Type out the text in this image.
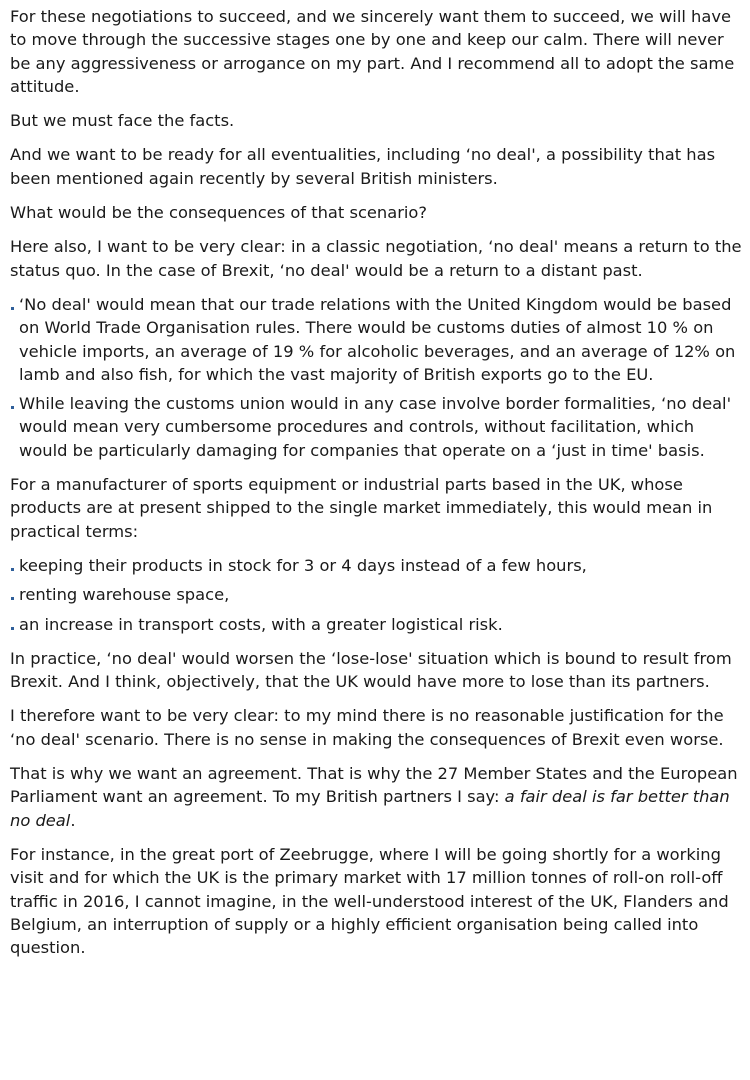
For these negotiations to succeed, and we sincerely want them to succeed, we will have to move through the successive stages one by one and keep our calm. There will never be any aggressiveness or arrogance on my part. And I recommend all to adopt the same attitude.

But we must face the facts.

And we want to be ready for all eventualities, including ‘no deal', a possibility that has been mentioned again recently by several British ministers.

What would be the consequences of that scenario?

Here also, I want to be very clear: in a classic negotiation, ‘no deal' means a return to the status quo. In the case of Brexit, ‘no deal' would be a return to a distant past.

‘No deal' would mean that our trade relations with the United Kingdom would be based on World Trade Organisation rules. There would be customs duties of almost 10 % on vehicle imports, an average of 19 % for alcoholic beverages, and an average of 12% on lamb and also fish, for which the vast majority of British exports go to the EU.
While leaving the customs union would in any case involve border formalities, ‘no deal' would mean very cumbersome procedures and controls, without facilitation, which would be particularly damaging for companies that operate on a ‘just in time' basis.

For a manufacturer of sports equipment or industrial parts based in the UK, whose products are at present shipped to the single market immediately, this would mean in practical terms:

keeping their products in stock for 3 or 4 days instead of a few hours,
renting warehouse space,
an increase in transport costs, with a greater logistical risk.

In practice, ‘no deal' would worsen the ‘lose-lose' situation which is bound to result from Brexit. And I think, objectively, that the UK would have more to lose than its partners.

I therefore want to be very clear: to my mind there is no reasonable justification for the ‘no deal' scenario. There is no sense in making the consequences of Brexit even worse.

That is why we want an agreement. That is why the 27 Member States and the European Parliament want an agreement. To my British partners I say: a fair deal is far better than no deal.

For instance, in the great port of Zeebrugge, where I will be going shortly for a working visit and for which the UK is the primary market with 17 million tonnes of roll-on roll-off traffic in 2016, I cannot imagine, in the well-understood interest of the UK, Flanders and Belgium, an interruption of supply or a highly efficient organisation being called into question.
